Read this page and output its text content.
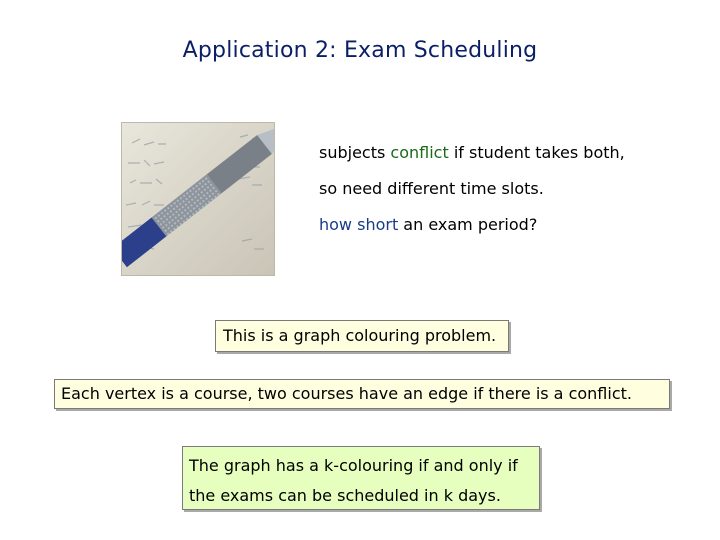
Application 2: Exam Scheduling
subjects conflict if student takes both,
so need different time slots.
how short an exam period?
This is a graph colouring problem.
Each vertex is a course, two courses have an edge if there is a conflict.
The graph has a k-colouring if and only if
the exams can be scheduled in k days.
